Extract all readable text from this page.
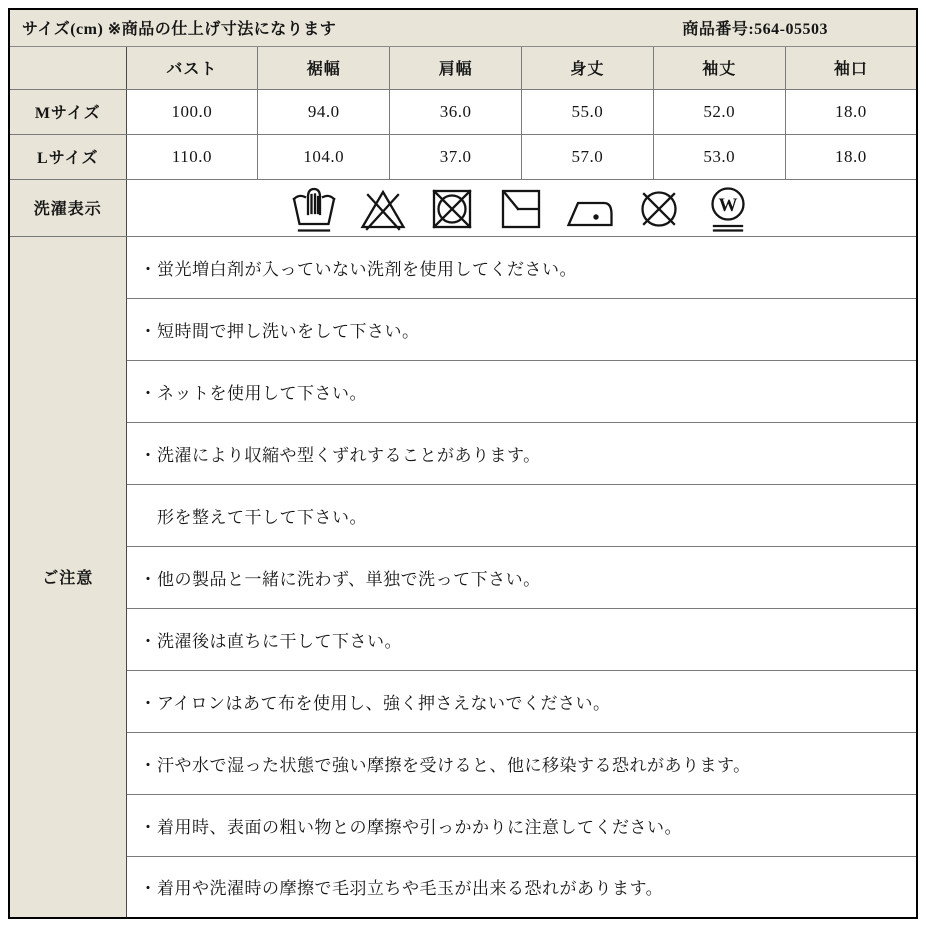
サイズ(cm) ※商品の仕上げ寸法になります 商品番号:564-05503						

	バスト	裾幅	肩幅	身丈	袖丈	袖口
Mサイズ	100.0	94.0	36.0	55.0	52.0	18.0
Lサイズ	110.0	104.0	37.0	57.0	53.0	18.0
洗濯表示	W					

ご注意	・蛍光増白剤が入っていない洗剤を使用してください。					
	・短時間で押し洗いをして下さい。					
	・ネットを使用して下さい。					
	・洗濯により収縮や型くずれすることがあります。					
	　形を整えて干して下さい。					
	・他の製品と一緒に洗わず、単独で洗って下さい。					
	・洗濯後は直ちに干して下さい。					
	・アイロンはあて布を使用し、強く押さえないでください。					
	・汗や水で湿った状態で強い摩擦を受けると、他に移染する恐れがあります。					
	・着用時、表面の粗い物との摩擦や引っかかりに注意してください。					
	・着用や洗濯時の摩擦で毛羽立ちや毛玉が出来る恐れがあります。					
